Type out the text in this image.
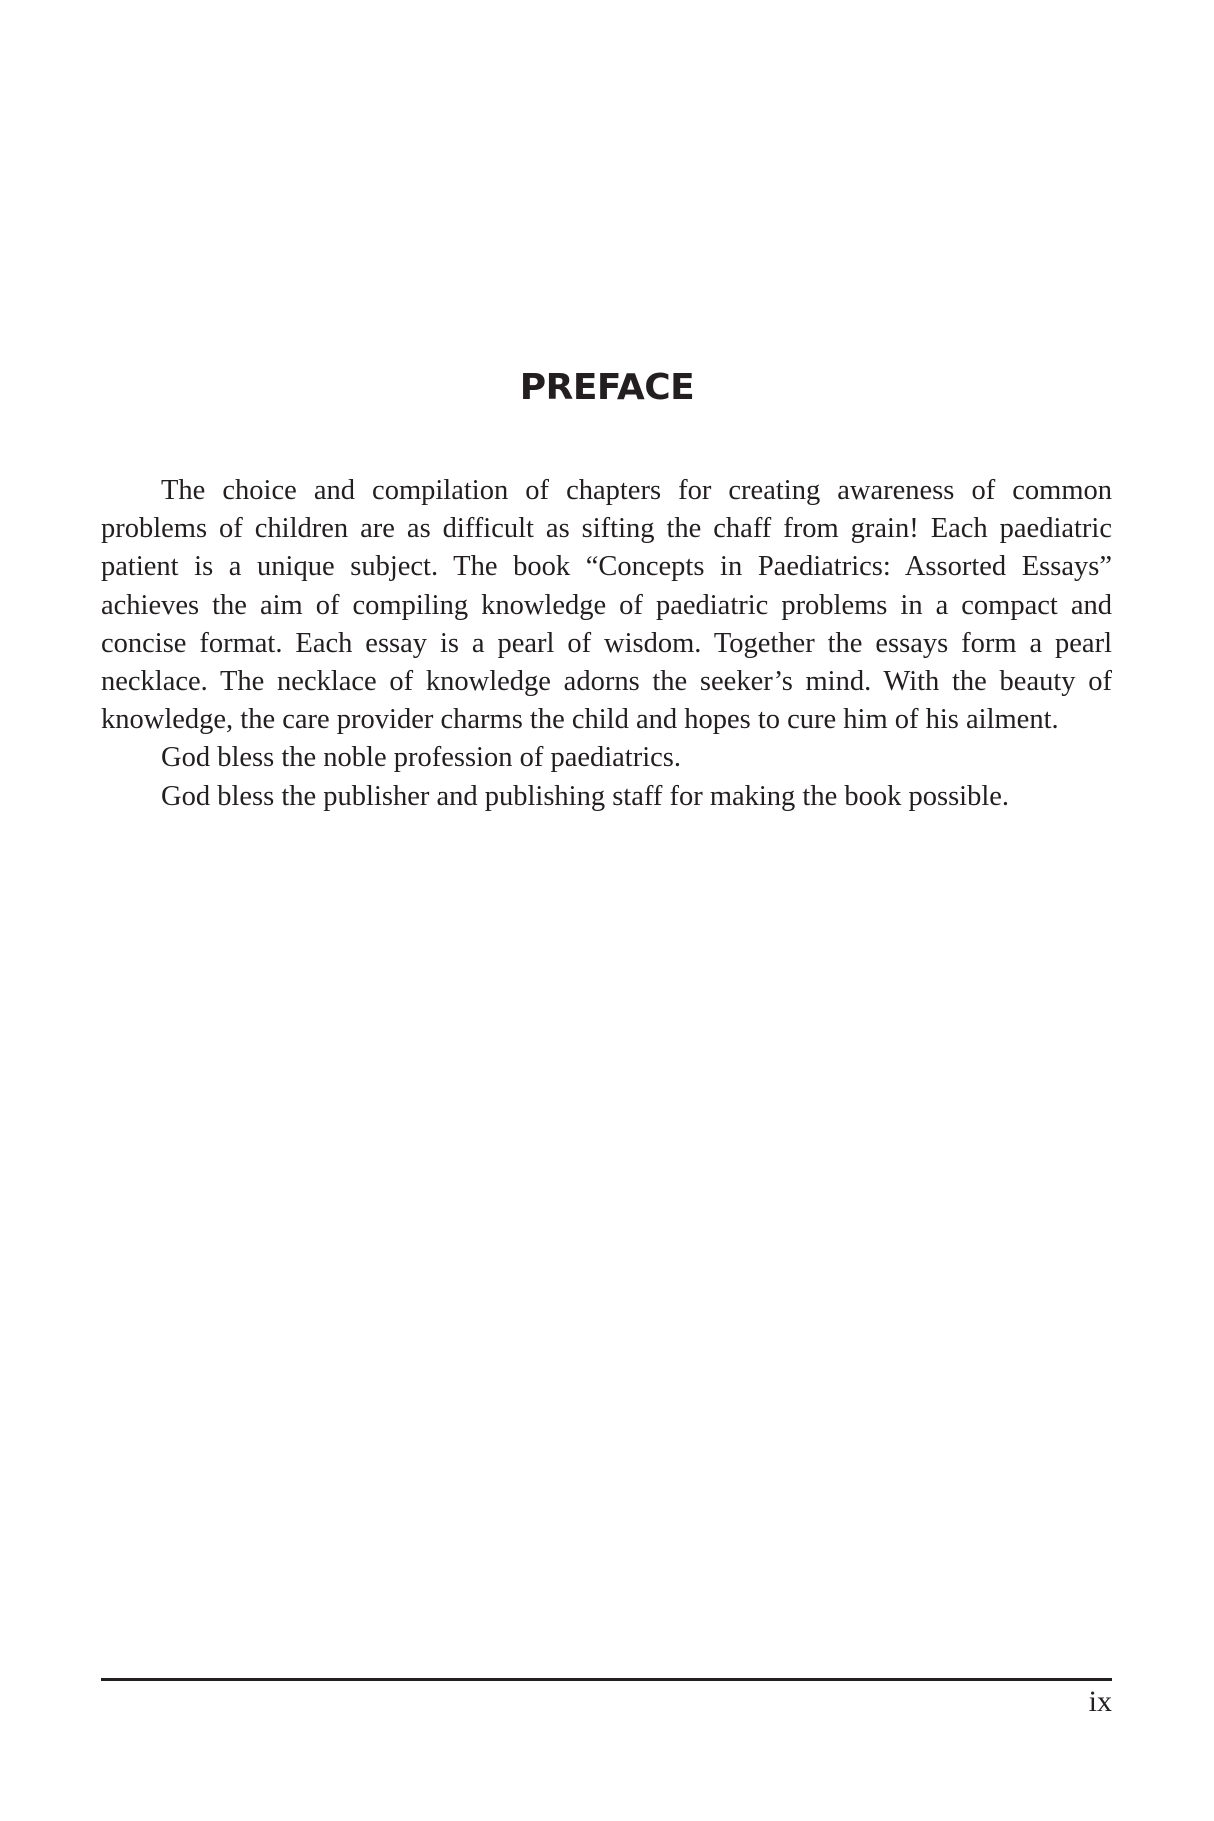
PREFACE

The choice and compilation of chapters for creating awareness of common problems of children are as difficult as sifting the chaff from grain! Each paediatric patient is a unique subject. The book “Concepts in Paediatrics: Assorted Essays” achieves the aim of compiling knowledge of paediatric problems in a compact and concise format. Each essay is a pearl of wisdom. Together the essays form a pearl necklace. The necklace of knowledge adorns the seeker’s mind. With the beauty of knowledge, the care provider charms the child and hopes to cure him of his ailment.

God bless the noble profession of paediatrics.

God bless the publisher and publishing staff for making the book possible.

ix
